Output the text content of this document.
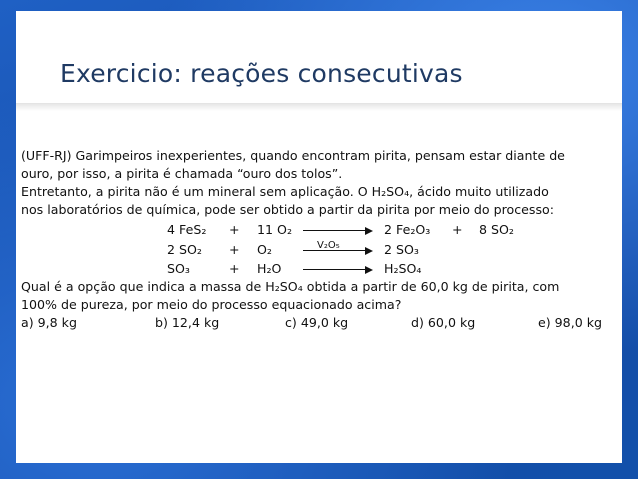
Exercicio: reações consecutivas

(UFF-RJ) Garimpeiros inexperientes, quando encontram pirita, pensam estar diante de

ouro, por isso, a pirita é chamada “ouro dos tolos”.

Entretanto, a pirita não é um mineral sem aplicação. O H₂SO₄, ácido muito utilizado

nos laboratórios de química, pode ser obtido a partir da pirita por meio do processo:

4 FeS₂ + 11 O₂	2 Fe₂O₃ + 8 SO₂
V₂O₅
2 SO₂ + O₂	2 SO₃
SO₃	+ H₂O	H₂SO₄

Qual é a opção que indica a massa de H₂SO₄ obtida a partir de 60,0 kg de pirita, com

100% de pureza, por meio do processo equacionado acima?

a) 9,8 kg	b) 12,4 kg	c) 49,0 kg	d) 60,0 kg	e) 98,0 kg
